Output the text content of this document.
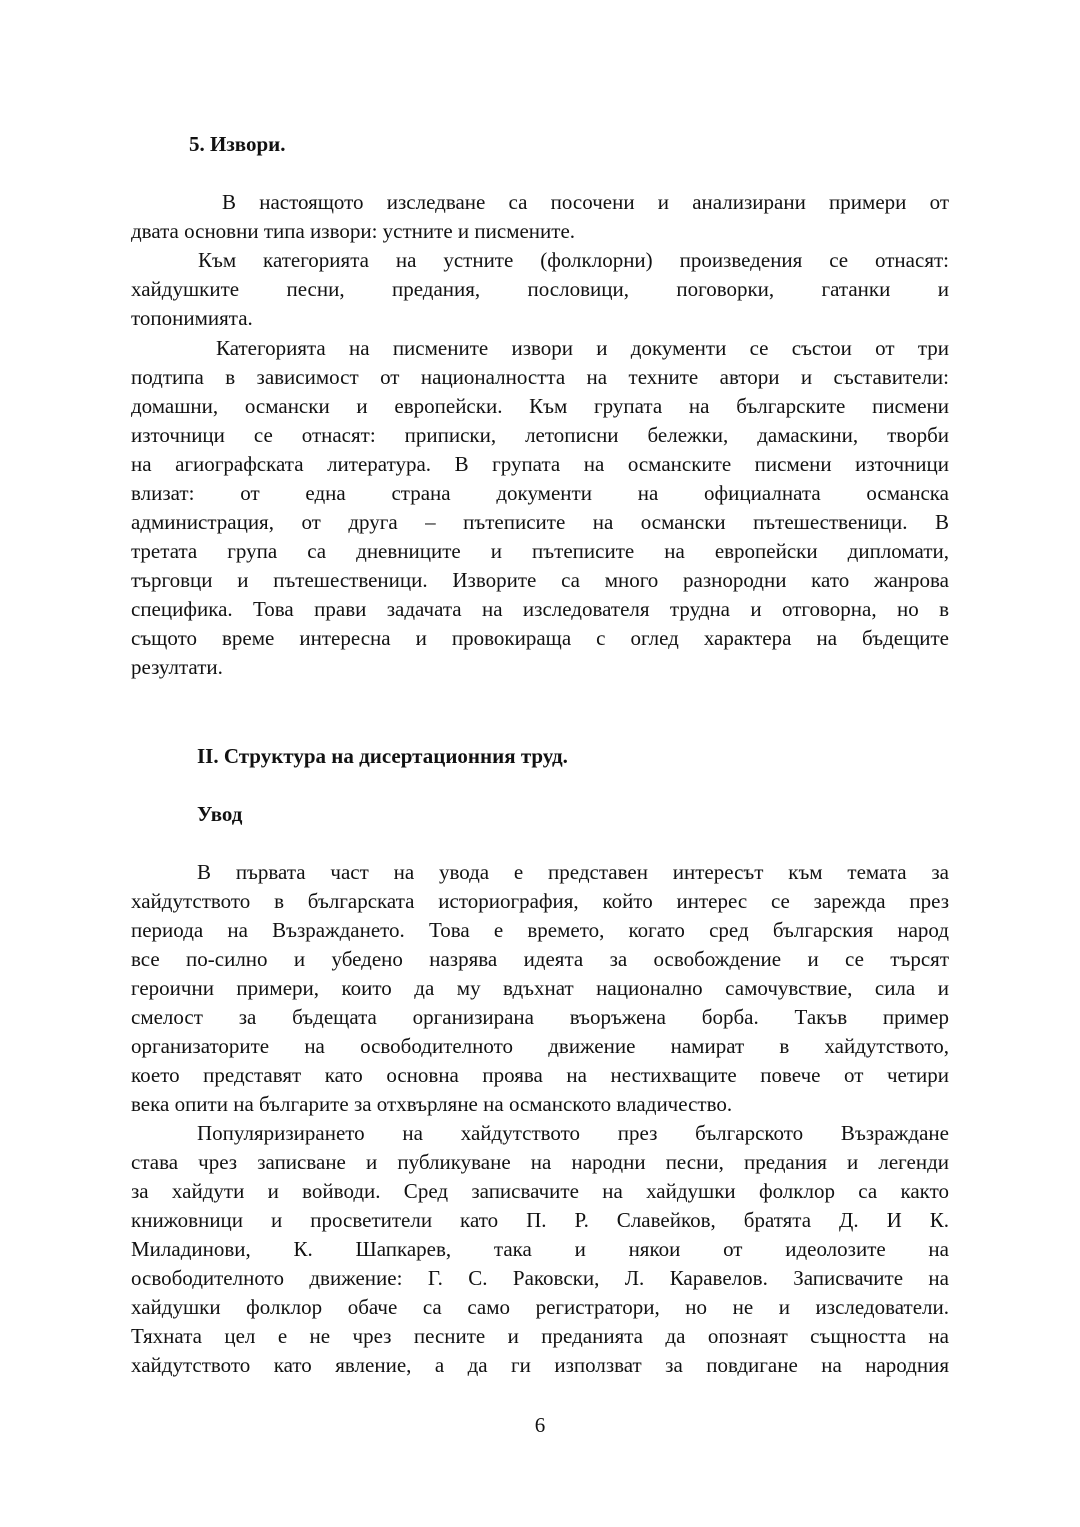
5. Извори.
В настоящото изследване са посочени и анализирани примери от
двата основни типа извори: устните и писмените.
Към категорията на устните (фолклорни) произведения се отнасят:
хайдушките песни, предания, пословици, поговорки, гатанки и
топонимията.
Категорията на писмените извори и документи се състои от три
подтипа в зависимост от националността на техните автори и съставители:
домашни, османски и европейски. Към групата на българските писмени
източници се отнасят: приписки, летописни бележки, дамаскини, творби
на агиографската литература. В групата на османските писмени източници
влизат: от една страна документи на официалната османска
администрация, от друга – пътеписите на османски пътешественици. В
третата група са дневниците и пътеписите на европейски дипломати,
търговци и пътешественици. Изворите са много разнородни като жанрова
специфика. Това прави задачата на изследователя трудна и отговорна, но в
същото време интересна и провокираща с оглед характера на бъдещите
резултати.
II. Структура на дисертационния труд.
Увод
В първата част на увода е представен интересът към темата за
хайдутството в българската историография, който интерес се зарежда през
периода на Възраждането. Това е времето, когато сред българския народ
все по-силно и убедено назрява идеята за освобождение и се търсят
героични примери, които да му вдъхнат национално самочувствие, сила и
смелост за бъдещата организирана въоръжена борба. Такъв пример
организаторите на освободителното движение намират в хайдутството,
което представят като основна проява на нестихващите повече от четири
века опити на българите за отхвърляне на османското владичество.
Популяризирането на хайдутството през българското Възраждане
става чрез записване и публикуване на народни песни, предания и легенди
за хайдути и войводи. Сред записвачите на хайдушки фолклор са както
книжовници и просветители като П. Р. Славейков, братята Д. И К.
Миладинови, К. Шапкарев, така и някои от идеолозите на
освободителното движение: Г. С. Раковски, Л. Каравелов. Записвачите на
хайдушки фолклор обаче са само регистратори, но не и изследователи.
Тяхната цел е не чрез песните и преданията да опознаят същността на
хайдутството като явление, а да ги използват за повдигане на народния
6
